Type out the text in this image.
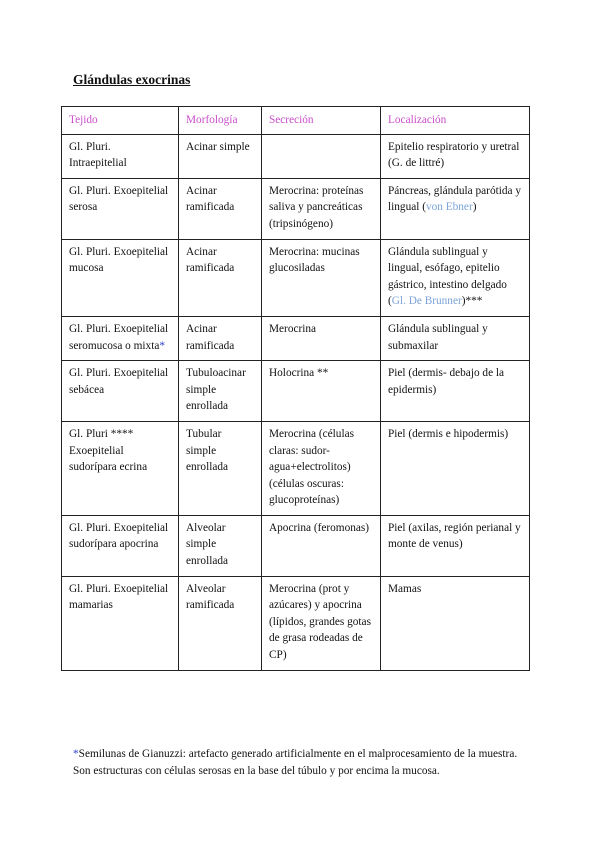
Glándulas exocrinas
Tejido	Morfología	Secreción	Localización
Gl. Pluri. Intraepitelial	Acinar simple		Epitelio respiratorio y uretral (G. de littré)
Gl. Pluri. Exoepitelial serosa	Acinar ramificada	Merocrina: proteínas saliva y pancreáticas (tripsinógeno)	Páncreas, glándula parótida y lingual (von Ebner)
Gl. Pluri. Exoepitelial mucosa	Acinar ramificada	Merocrina: mucinas glucosiladas	Glándula sublingual y lingual, esófago, epitelio gástrico, intestino delgado (Gl. De Brunner)***
Gl. Pluri. Exoepitelial seromucosa o mixta*	Acinar ramificada	Merocrina	Glándula sublingual y submaxilar
Gl. Pluri. Exoepitelial sebácea	Tubuloacinar simple enrollada	Holocrina **	Piel (dermis- debajo de la epidermis)
Gl. Pluri **** Exoepitelial sudorípara ecrina	Tubular simple enrollada	Merocrina (células claras: sudor- agua+electrolitos) (células oscuras: glucoproteínas)	Piel (dermis e hipodermis)
Gl. Pluri. Exoepitelial sudorípara apocrina	Alveolar simple enrollada	Apocrina (feromonas)	Piel (axilas, región perianal y monte de venus)
Gl. Pluri. Exoepitelial mamarias	Alveolar ramificada	Merocrina (prot y azúcares) y apocrina (lípidos, grandes gotas de grasa rodeadas de CP)	Mamas

*Semilunas de Gianuzzi: artefacto generado artificialmente en el malprocesamiento de la muestra. Son estructuras con células serosas en la base del túbulo y por encima la mucosa.
